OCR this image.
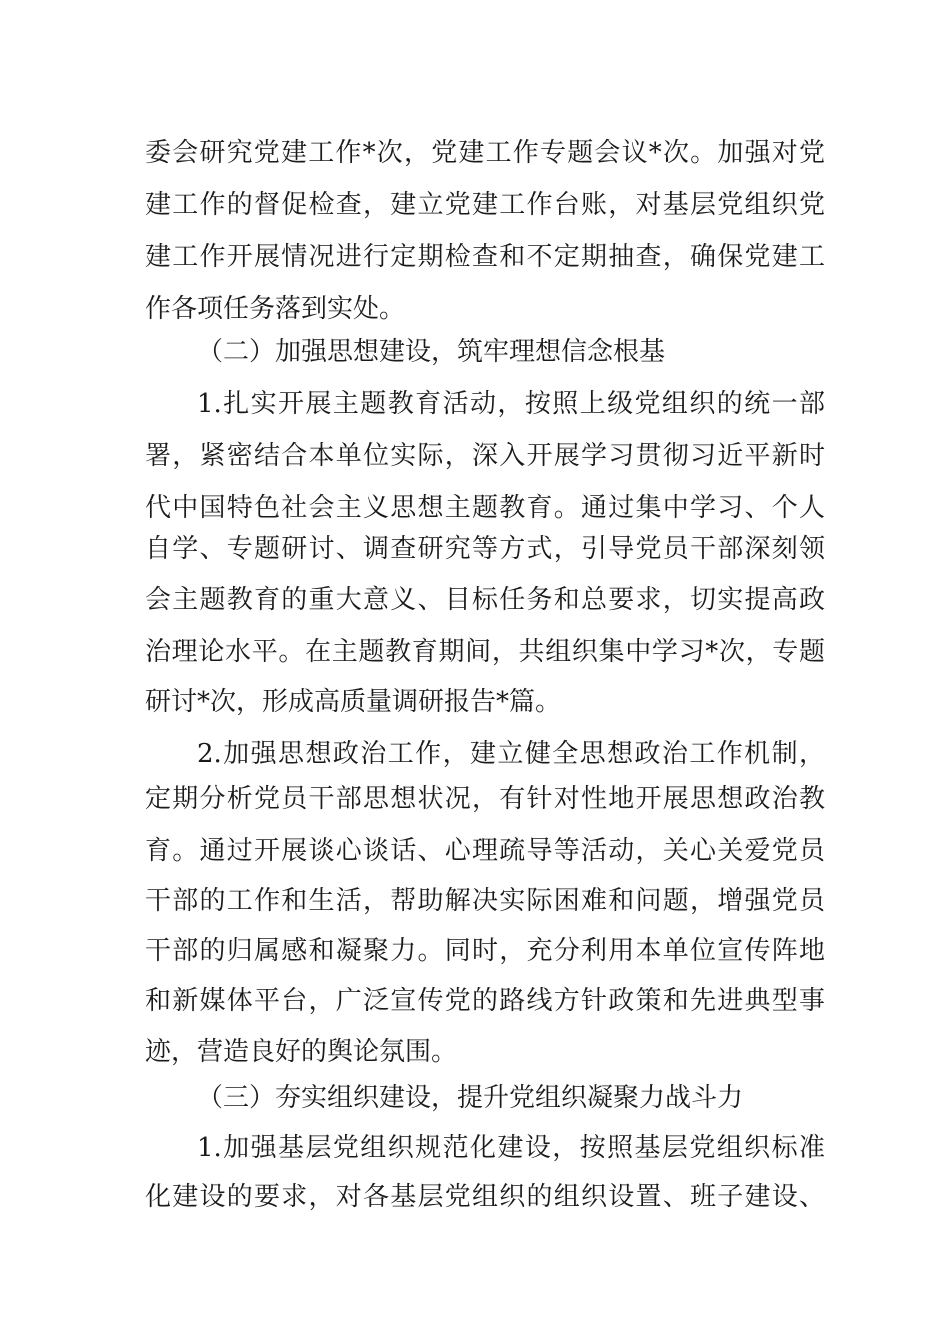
委会研究党建工作*次，党建工作专题会议*次。加强对党
建工作的督促检查，建立党建工作台账，对基层党组织党
建工作开展情况进行定期检查和不定期抽查，确保党建工
作各项任务落到实处。
（二）加强思想建设，筑牢理想信念根基
1.扎实开展主题教育活动，按照上级党组织的统一部
署，紧密结合本单位实际，深入开展学习贯彻习近平新时
代中国特色社会主义思想主题教育。通过集中学习、个人
自学、专题研讨、调查研究等方式，引导党员干部深刻领
会主题教育的重大意义、目标任务和总要求，切实提高政
治理论水平。在主题教育期间，共组织集中学习*次，专题
研讨*次，形成高质量调研报告*篇。
2.加强思想政治工作，建立健全思想政治工作机制，
定期分析党员干部思想状况，有针对性地开展思想政治教
育。通过开展谈心谈话、心理疏导等活动，关心关爱党员
干部的工作和生活，帮助解决实际困难和问题，增强党员
干部的归属感和凝聚力。同时，充分利用本单位宣传阵地
和新媒体平台，广泛宣传党的路线方针政策和先进典型事
迹，营造良好的舆论氛围。
（三）夯实组织建设，提升党组织凝聚力战斗力
1.加强基层党组织规范化建设，按照基层党组织标准
化建设的要求，对各基层党组织的组织设置、班子建设、
